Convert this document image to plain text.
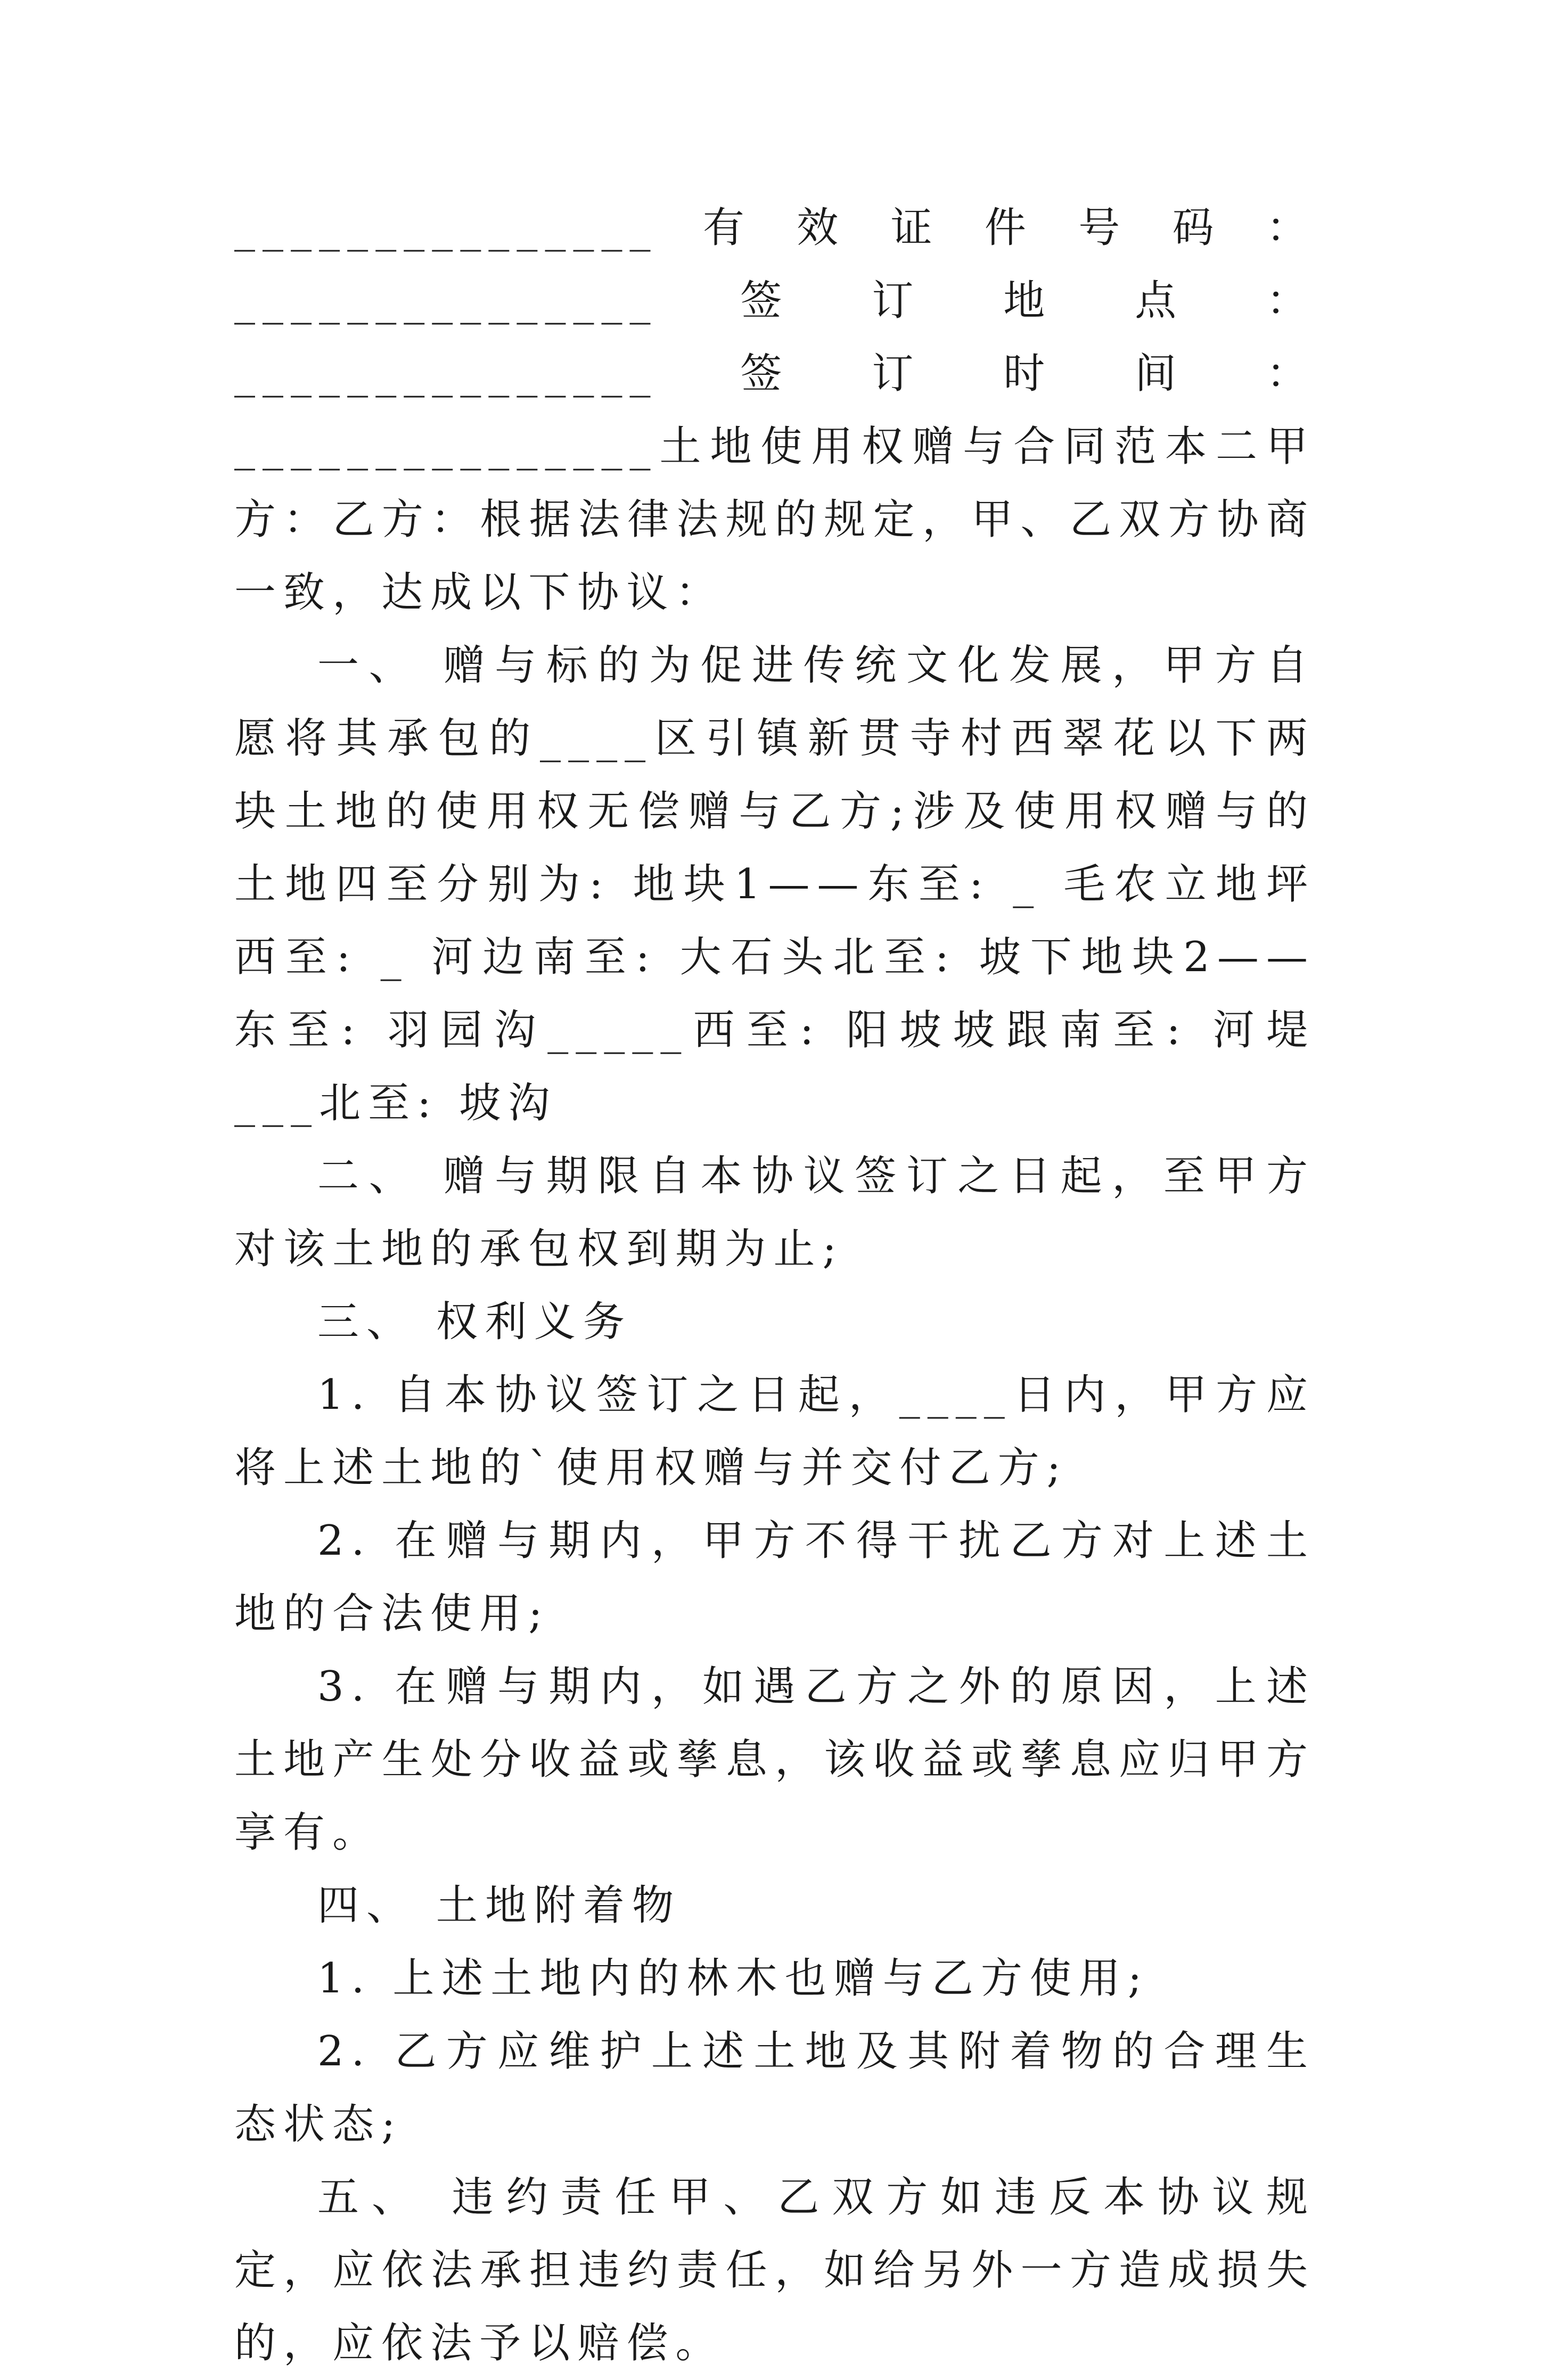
_______________有效证件号码：_______________签订地点：_______________签订时间：_______________土地使用权赠与合同范本二甲方：乙方：根据法律法规的规定，甲、乙双方协商一致，达成以下协议：

一、 赠与标的为促进传统文化发展，甲方自愿将其承包的____区引镇新贯寺村西翠花以下两块土地的使用权无偿赠与乙方;涉及使用权赠与的土地四至分别为: 地块1——东至: _ 毛农立地坪西至: _ 河边南至: 大石头北至: 坡下地块2——东至: 羽园沟_____西至: 阳坡坡跟南至: 河堤 ___北至: 坡沟

二、 赠与期限自本协议签订之日起，至甲方对该土地的承包权到期为止;

三、 权利义务

1. 自本协议签订之日起，____日内，甲方应将上述土地的`使用权赠与并交付乙方;

2. 在赠与期内，甲方不得干扰乙方对上述土地的合法使用;

3. 在赠与期内，如遇乙方之外的原因，上述土地产生处分收益或孳息，该收益或孳息应归甲方享有。

四、 土地附着物

1. 上述土地内的林木也赠与乙方使用;

2. 乙方应维护上述土地及其附着物的合理生态状态;

五、 违约责任甲、乙双方如违反本协议规定，应依法承担违约责任，如给另外一方造成损失的，应依法予以赔偿。
